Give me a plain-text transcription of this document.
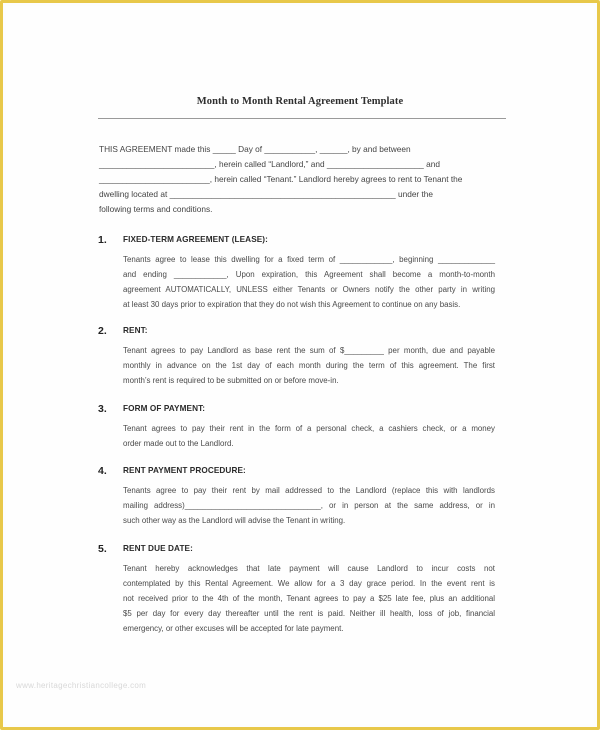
Month to Month Rental Agreement Template
THIS AGREEMENT made this _____ Day of ___________, ______, by and between
_________________________, herein called “Landlord,” and _____________________ and
________________________, herein called “Tenant.” Landlord hereby agrees to rent to Tenant the
dwelling located at _________________________________________________ under the
following terms and conditions.
1. FIXED-TERM AGREEMENT (LEASE):
Tenants agree to lease this dwelling for a fixed term of ____________, beginning _____________
and ending ____________, Upon expiration, this Agreement shall become a month-to-month
agreement AUTOMATICALLY, UNLESS either Tenants or Owners notify the other party in writing
at least 30 days prior to expiration that they do not wish this Agreement to continue on any basis.
2. RENT:
Tenant agrees to pay Landlord as base rent the sum of $_________ per month, due and payable
monthly in advance on the 1st day of each month during the term of this agreement. The first
month’s rent is required to be submitted on or before move-in.
3. FORM OF PAYMENT:
Tenant agrees to pay their rent in the form of a personal check, a cashiers check, or a money
order made out to the Landlord.
4. RENT PAYMENT PROCEDURE:
Tenants agree to pay their rent by mail addressed to the Landlord (replace this with landlords
mailing address)_______________________________, or in person at the same address, or in
such other way as the Landlord will advise the Tenant in writing.
5. RENT DUE DATE:
Tenant hereby acknowledges that late payment will cause Landlord to incur costs not
contemplated by this Rental Agreement. We allow for a 3 day grace period. In the event rent is
not received prior to the 4th of the month, Tenant agrees to pay a $25 late fee, plus an additional
$5 per day for every day thereafter until the rent is paid. Neither ill health, loss of job, financial
emergency, or other excuses will be accepted for late payment.
www.heritagechristiancollege.com
